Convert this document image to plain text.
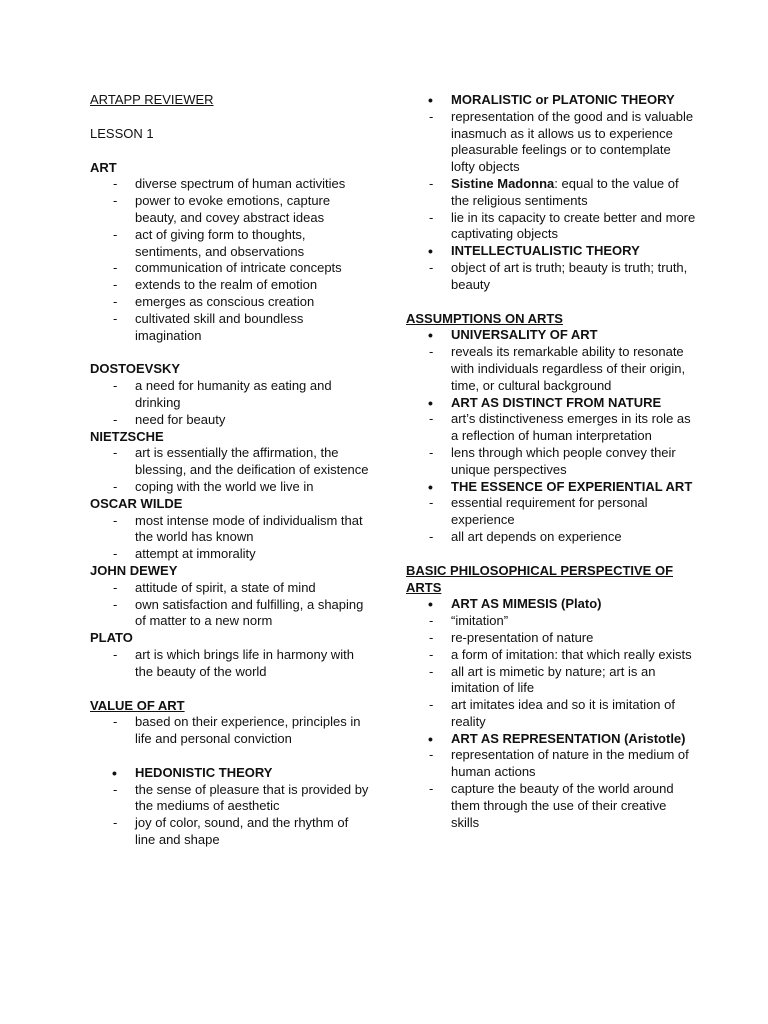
ARTAPP REVIEWER

LESSON 1

ART
- diverse spectrum of human activities
- power to evoke emotions, capture beauty, and covey abstract ideas
- act of giving form to thoughts, sentiments, and observations
- communication of intricate concepts
- extends to the realm of emotion
- emerges as conscious creation
- cultivated skill and boundless imagination
DOSTOEVSKY
- a need for humanity as eating and drinking
- need for beauty
NIETZSCHE
- art is essentially the affirmation, the blessing, and the deification of existence
- coping with the world we live in
OSCAR WILDE
- most intense mode of individualism that the world has known
- attempt at immorality
JOHN DEWEY
- attitude of spirit, a state of mind
- own satisfaction and fulfilling, a shaping of matter to a new norm
PLATO
- art is which brings life in harmony with the beauty of the world
VALUE OF ART
- based on their experience, principles in life and personal conviction
• HEDONISTIC THEORY
- the sense of pleasure that is provided by the mediums of aesthetic
- joy of color, sound, and the rhythm of line and shape
• MORALISTIC or PLATONIC THEORY
- representation of the good and is valuable inasmuch as it allows us to experience pleasurable feelings or to contemplate lofty objects
- Sistine Madonna: equal to the value of the religious sentiments
- lie in its capacity to create better and more captivating objects
• INTELLECTUALISTIC THEORY
- object of art is truth; beauty is truth; truth, beauty
ASSUMPTIONS ON ARTS
• UNIVERSALITY OF ART
- reveals its remarkable ability to resonate with individuals regardless of their origin, time, or cultural background
• ART AS DISTINCT FROM NATURE
- art’s distinctiveness emerges in its role as a reflection of human interpretation
- lens through which people convey their unique perspectives
• THE ESSENCE OF EXPERIENTIAL ART
- essential requirement for personal experience
- all art depends on experience
BASIC PHILOSOPHICAL PERSPECTIVE OF ARTS
• ART AS MIMESIS (Plato)
- “imitation”
- re-presentation of nature
- a form of imitation: that which really exists
- all art is mimetic by nature; art is an imitation of life
- art imitates idea and so it is imitation of reality
• ART AS REPRESENTATION (Aristotle)
- representation of nature in the medium of human actions
- capture the beauty of the world around them through the use of their creative skills
